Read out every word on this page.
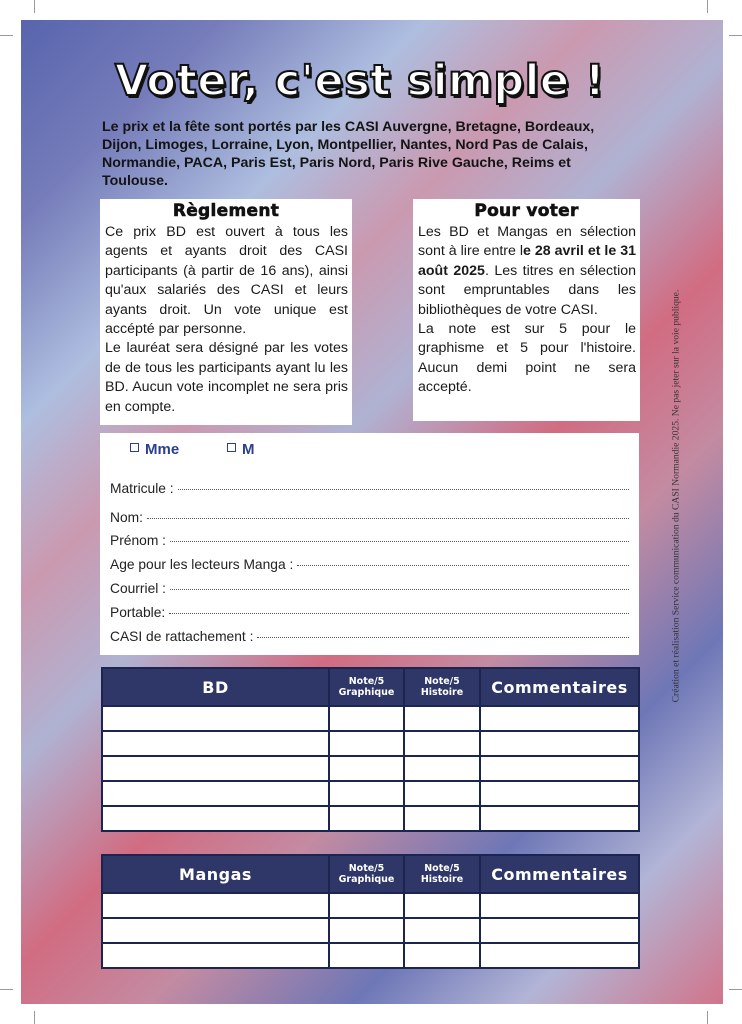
Voter, c'est simple !

Le prix et la fête sont portés par les CASI Auvergne, Bretagne, Bordeaux, Dijon, Limoges, Lorraine, Lyon, Montpellier, Nantes, Nord Pas de Calais, Normandie, PACA, Paris Est, Paris Nord, Paris Rive Gauche, Reims et Toulouse.

Règlement

Ce prix BD est ouvert à tous les agents et ayants droit des CASI participants (à partir de 16 ans), ainsi qu'aux salariés des CASI et leurs ayants droit. Un vote unique est accépté par personne.

Le lauréat sera désigné par les votes de de tous les participants ayant lu les BD. Aucun vote incomplet ne sera pris en compte.

Pour voter

Les BD et Mangas en sélection sont à lire entre le 28 avril et le 31 août 2025. Les titres en sélection sont empruntables dans les bibliothèques de votre CASI.

La note est sur 5 pour le graphisme et 5 pour l'histoire. Aucun demi point ne sera accepté.

Mme	M
Matricule :
Nom:
Prénom :
Age pour les lecteurs Manga :
Courriel :
Portable:
CASI de rattachement :
BD	Note/5 Graphique	Note/5 Histoire	Commentaires

Mangas	Note/5 Graphique	Note/5 Histoire	Commentaires

Création et réalisation Service communication du CASI Normandie 2025. Ne pas jeter sur la voie publique.
